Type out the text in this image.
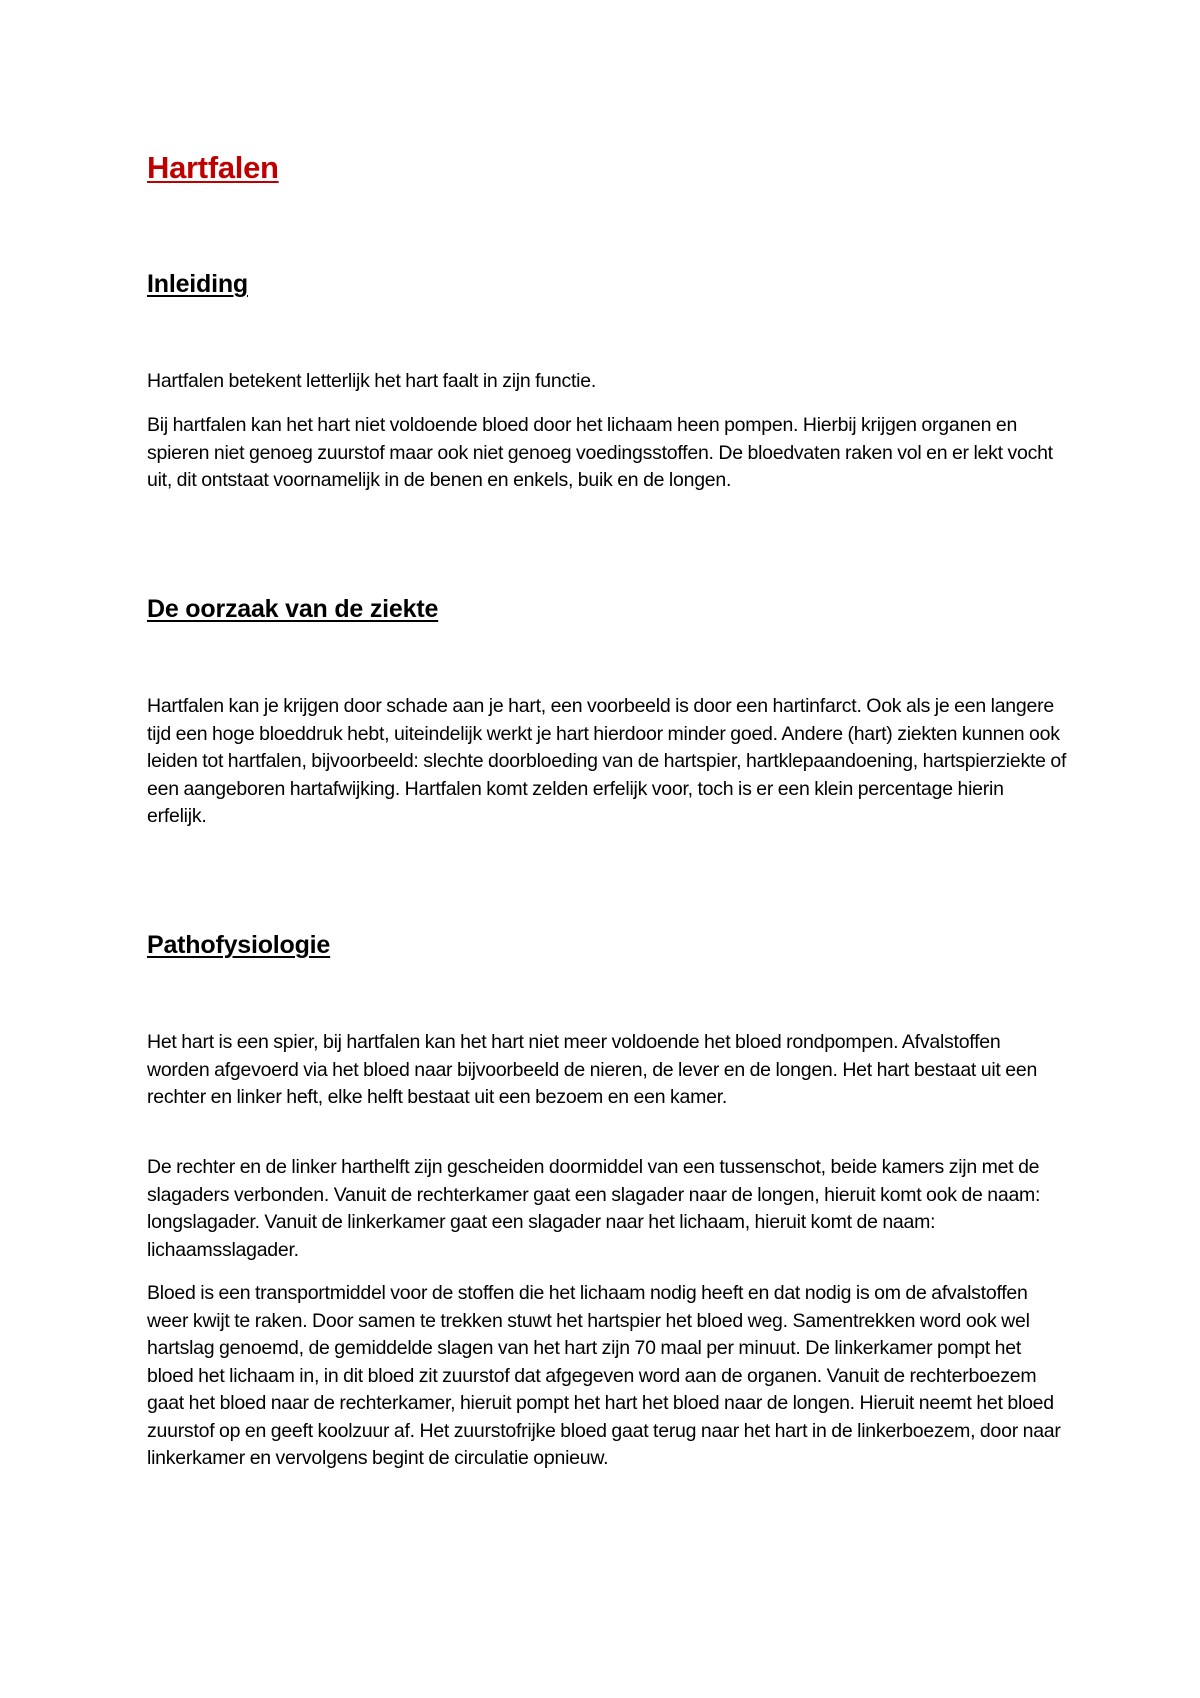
Hartfalen
Inleiding

Hartfalen betekent letterlijk het hart faalt in zijn functie.

Bij hartfalen kan het hart niet voldoende bloed door het lichaam heen pompen. Hierbij krijgen organen en spieren niet genoeg zuurstof maar ook niet genoeg voedingsstoffen. De bloedvaten raken vol en er lekt vocht uit, dit ontstaat voornamelijk in de benen en enkels, buik en de longen.

De oorzaak van de ziekte

Hartfalen kan je krijgen door schade aan je hart, een voorbeeld is door een hartinfarct. Ook als je een langere tijd een hoge bloeddruk hebt, uiteindelijk werkt je hart hierdoor minder goed. Andere (hart) ziekten kunnen ook leiden tot hartfalen, bijvoorbeeld: slechte doorbloeding van de hartspier, hartklepaandoening, hartspierziekte of een aangeboren hartafwijking. Hartfalen komt zelden erfelijk voor, toch is er een klein percentage hierin erfelijk.

Pathofysiologie

Het hart is een spier, bij hartfalen kan het hart niet meer voldoende het bloed rondpompen. Afvalstoffen worden afgevoerd via het bloed naar bijvoorbeeld de nieren, de lever en de longen. Het hart bestaat uit een rechter en linker heft, elke helft bestaat uit een bezoem en een kamer.

De rechter en de linker harthelft zijn gescheiden doormiddel van een tussenschot, beide kamers zijn met de slagaders verbonden. Vanuit de rechterkamer gaat een slagader naar de longen, hieruit komt ook de naam: longslagader. Vanuit de linkerkamer gaat een slagader naar het lichaam, hieruit komt de naam: lichaamsslagader.

Bloed is een transportmiddel voor de stoffen die het lichaam nodig heeft en dat nodig is om de afvalstoffen weer kwijt te raken. Door samen te trekken stuwt het hartspier het bloed weg. Samentrekken word ook wel hartslag genoemd, de gemiddelde slagen van het hart zijn 70 maal per minuut. De linkerkamer pompt het bloed het lichaam in, in dit bloed zit zuurstof dat afgegeven word aan de organen. Vanuit de rechterboezem gaat het bloed naar de rechterkamer, hieruit pompt het hart het bloed naar de longen. Hieruit neemt het bloed zuurstof op en geeft koolzuur af. Het zuurstofrijke bloed gaat terug naar het hart in de linkerboezem, door naar linkerkamer en vervolgens begint de circulatie opnieuw.
